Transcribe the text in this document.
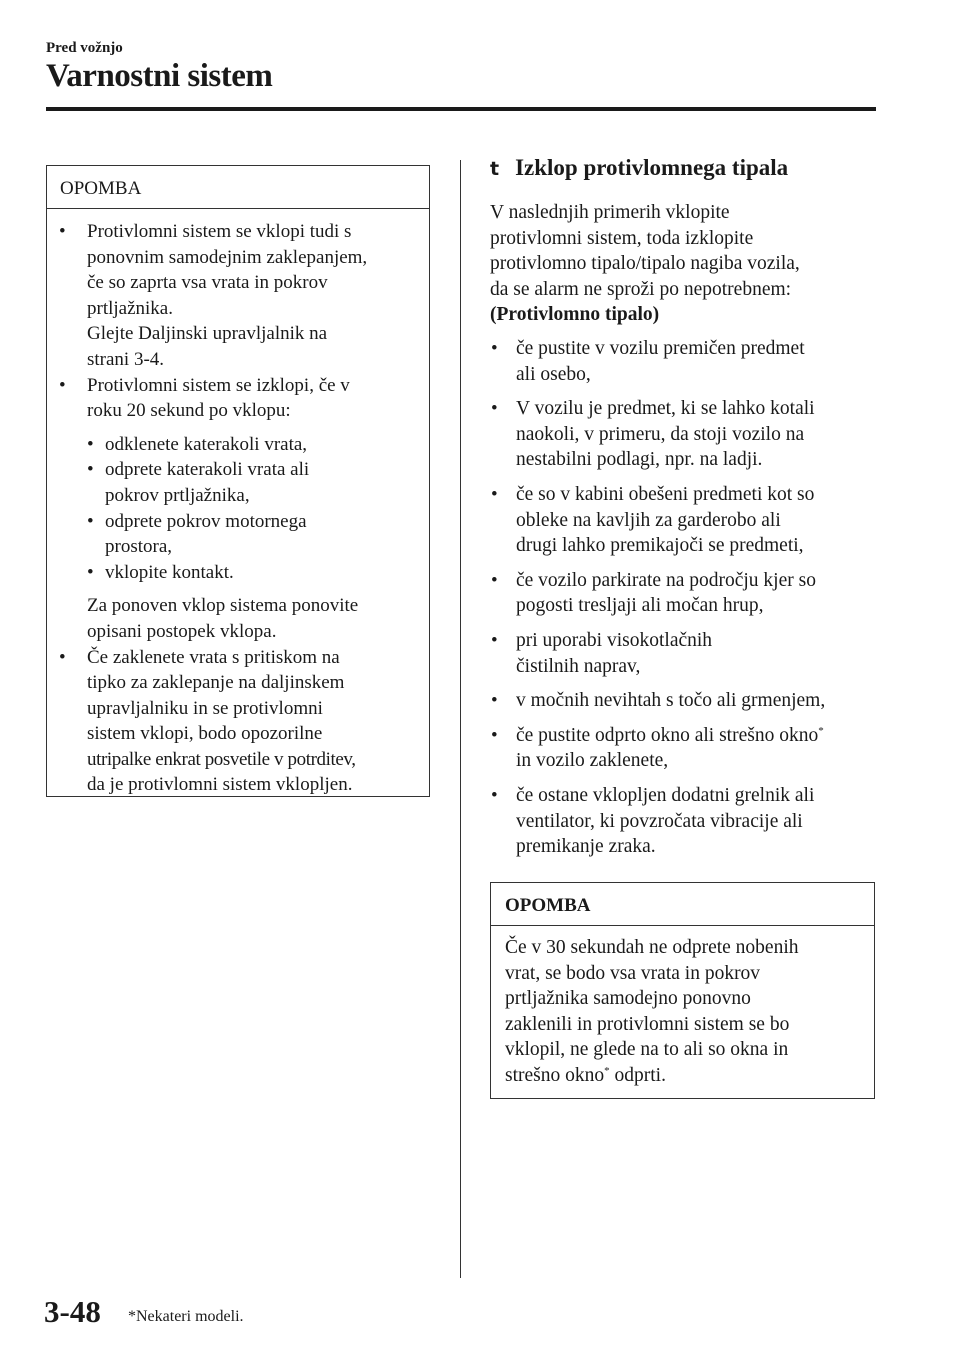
Pred vožnjo
Varnostni sistem
OPOMBA
• Protivlomni sistem se vklopi tudi s
ponovnim samodejnim zaklepanjem,
če so zaprta vsa vrata in pokrov
prtljažnika.
Glejte Daljinski upravljalnik na
strani 3-4.
• Protivlomni sistem se izklopi, če v
roku 20 sekund po vklopu:
• odklenete katerakoli vrata,
• odprete katerakoli vrata ali
pokrov prtljažnika,
• odprete pokrov motornega
prostora,
• vklopite kontakt.
Za ponoven vklop sistema ponovite
opisani postopek vklopa.
• Če zaklenete vrata s pritiskom na
tipko za zaklepanje na daljinskem
upravljalniku in se protivlomni
sistem vklopi, bodo opozorilne
utripalke enkrat posvetile v potrditev,
da je protivlomni sistem vklopljen.
t Izklop protivlomnega tipala
V naslednjih primerih vklopite
protivlomni sistem, toda izklopite
protivlomno tipalo/tipalo nagiba vozila,
da se alarm ne sproži po nepotrebnem:
(Protivlomno tipalo)
• če pustite v vozilu premičen predmet
ali osebo,
• V vozilu je predmet, ki se lahko kotali
naokoli, v primeru, da stoji vozilo na
nestabilni podlagi, npr. na ladji.
• če so v kabini obešeni predmeti kot so
obleke na kavljih za garderobo ali
drugi lahko premikajoči se predmeti,
• če vozilo parkirate na področju kjer so
pogosti tresljaji ali močan hrup,
• pri uporabi visokotlačnih
čistilnih naprav,
• v močnih nevihtah s točo ali grmenjem,
• če pustite odprto okno ali strešno okno*
in vozilo zaklenete,
• če ostane vklopljen dodatni grelnik ali
ventilator, ki povzročata vibracije ali
premikanje zraka.
OPOMBA
Če v 30 sekundah ne odprete nobenih
vrat, se bodo vsa vrata in pokrov
prtljažnika samodejno ponovno
zaklenili in protivlomni sistem se bo
vklopil, ne glede na to ali so okna in
strešno okno* odprti.
3-48 *Nekateri modeli.
